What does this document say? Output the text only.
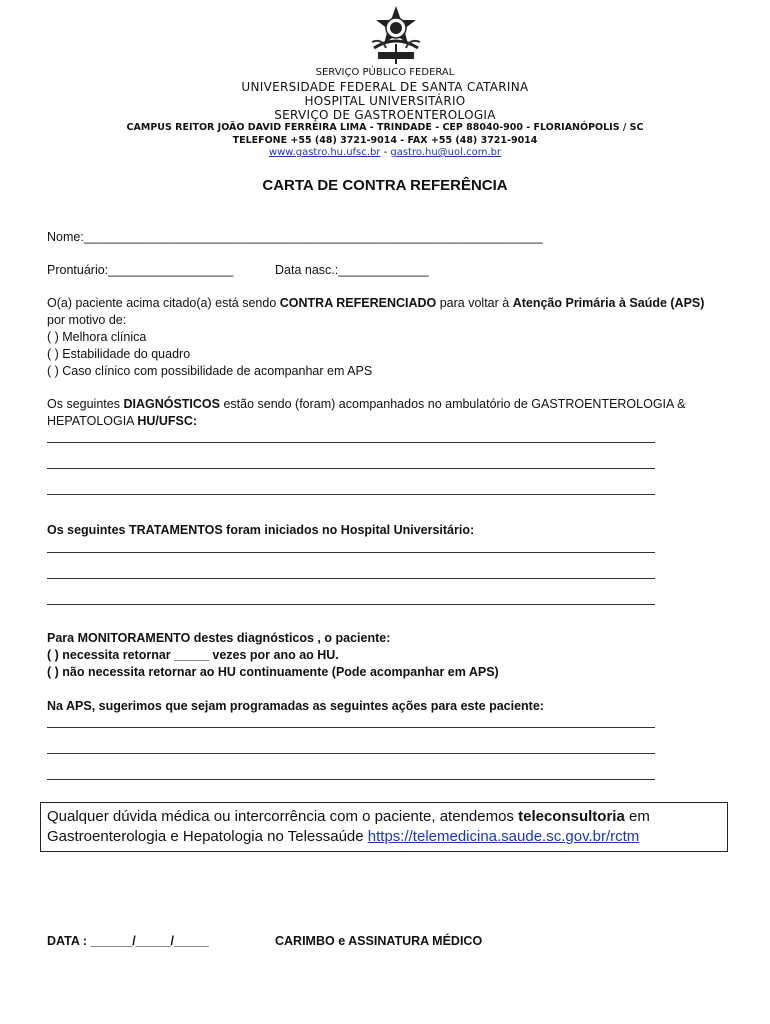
SERVIÇO PÚBLICO FEDERAL
UNIVERSIDADE FEDERAL DE SANTA CATARINA
HOSPITAL UNIVERSITÁRIO
SERVIÇO DE GASTROENTEROLOGIA
CAMPUS REITOR JOÃO DAVID FERREIRA LIMA - TRINDADE - CEP 88040-900 - FLORIANÓPOLIS / SC
TELEFONE +55 (48) 3721-9014 - FAX +55 (48) 3721-9014
www.gastro.hu.ufsc.br - gastro.hu@uol.com.br
CARTA DE CONTRA REFERÊNCIA
Nome:__________________________________________________________________
Prontuário:__________________	Data nasc.:_____________
O(a) paciente acima citado(a) está sendo CONTRA REFERENCIADO para voltar à Atenção Primária à Saúde (APS)
por motivo de:
( ) Melhora clínica
( ) Estabilidade do quadro
( ) Caso clínico com possibilidade de acompanhar em APS
Os seguintes DIAGNÓSTICOS estão sendo (foram) acompanhados no ambulatório de GASTROENTEROLOGIA &
HEPATOLOGIA HU/UFSC:
Os seguintes TRATAMENTOS foram iniciados no Hospital Universitário:
Para MONITORAMENTO destes diagnósticos , o paciente:
( ) necessita retornar _____ vezes por ano ao HU.
( ) não necessita retornar ao HU continuamente (Pode acompanhar em APS)
Na APS, sugerimos que sejam programadas as seguintes ações para este paciente:
Qualquer dúvida médica ou intercorrência com o paciente, atendemos teleconsultoria em
Gastroenterologia e Hepatologia no Telessaúde https://telemedicina.saude.sc.gov.br/rctm
DATA : ______/_____/_____	CARIMBO e ASSINATURA MÉDICO
